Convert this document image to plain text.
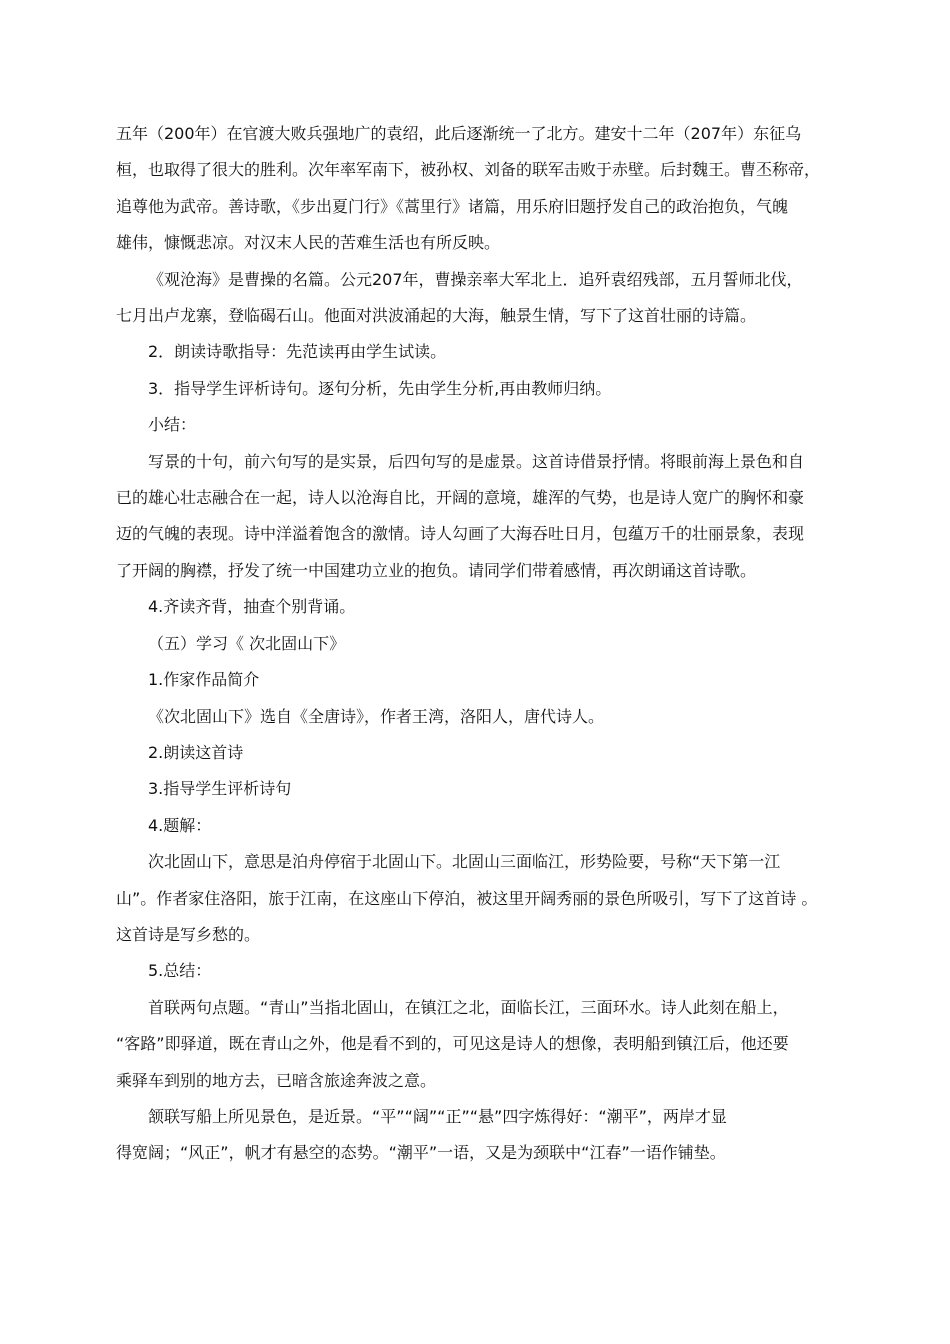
五年（200年）在官渡大败兵强地广的袁绍，此后逐渐统一了北方。建安十二年（207年）东征乌

桓，也取得了很大的胜利。次年率军南下，被孙权、刘备的联军击败于赤壁。后封魏王。曹丕称帝，

追尊他为武帝。善诗歌，《步出夏门行》《蒿里行》诸篇，用乐府旧题抒发自己的政治抱负，气魄

雄伟，慷慨悲凉。对汉末人民的苦难生活也有所反映。

《观沧海》是曹操的名篇。公元207年，曹操亲率大军北上．追歼袁绍残部，五月誓师北伐，

七月出卢龙寨，登临碣石山。他面对洪波涌起的大海，触景生情，写下了这首壮丽的诗篇。

2．朗读诗歌指导：先范读再由学生试读。

3．指导学生评析诗句。逐句分析，先由学生分析,再由教师归纳。

小结：

写景的十句，前六句写的是实景，后四句写的是虚景。这首诗借景抒情。将眼前海上景色和自

已的雄心壮志融合在一起，诗人以沧海自比，开阔的意境，雄浑的气势，也是诗人宽广的胸怀和豪

迈的气魄的表现。诗中洋溢着饱含的激情。诗人勾画了大海吞吐日月，包蕴万千的壮丽景象，表现

了开阔的胸襟，抒发了统一中国建功立业的抱负。请同学们带着感情，再次朗诵这首诗歌。

4.齐读齐背，抽查个别背诵。

（五）学习《 次北固山下》

1.作家作品简介

《次北固山下》选自《全唐诗》，作者王湾，洛阳人，唐代诗人。

2.朗读这首诗

3.指导学生评析诗句

4.题解：

次北固山下，意思是泊舟停宿于北固山下。北固山三面临江，形势险要，号称“天下第一江

山”。作者家住洛阳，旅于江南，在这座山下停泊，被这里开阔秀丽的景色所吸引，写下了这首诗 。

这首诗是写乡愁的。

5.总结：

首联两句点题。“青山”当指北固山，在镇江之北，面临长江，三面环水。诗人此刻在船上，

“客路”即驿道，既在青山之外，他是看不到的，可见这是诗人的想像，表明船到镇江后，他还要

乘驿车到别的地方去，已暗含旅途奔波之意。

颔联写船上所见景色，是近景。“平”“阔”“正”“悬”四字炼得好：“潮平”，两岸才显

得宽阔；“风正”，帆才有悬空的态势。“潮平”一语，又是为颈联中“江春”一语作铺垫。
